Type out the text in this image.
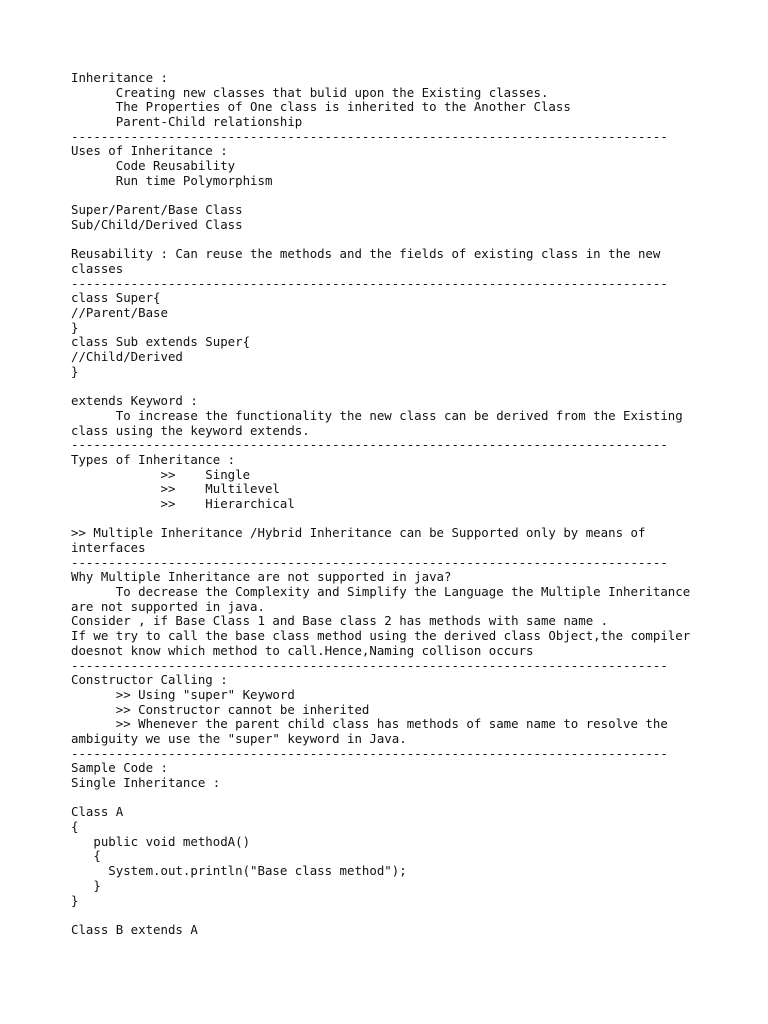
Inheritance :
Creating new classes that bulid upon the Existing classes.
The Properties of One class is inherited to the Another Class
Parent-Child relationship
--------------------------------------------------------------------------------
Uses of Inheritance :
Code Reusability
Run time Polymorphism
Super/Parent/Base Class
Sub/Child/Derived Class
Reusability : Can reuse the methods and the fields of existing class in the new
classes
--------------------------------------------------------------------------------
class Super{
//Parent/Base
}
class Sub extends Super{
//Child/Derived
}
extends Keyword :
To increase the functionality the new class can be derived from the Existing
class using the keyword extends.
--------------------------------------------------------------------------------
Types of Inheritance :
>>    Single
>>    Multilevel
>>    Hierarchical
>> Multiple Inheritance /Hybrid Inheritance can be Supported only by means of
interfaces
--------------------------------------------------------------------------------
Why Multiple Inheritance are not supported in java?
To decrease the Complexity and Simplify the Language the Multiple Inheritance
are not supported in java.
Consider , if Base Class 1 and Base class 2 has methods with same name .
If we try to call the base class method using the derived class Object,the compiler
doesnot know which method to call.Hence,Naming collison occurs
--------------------------------------------------------------------------------
Constructor Calling :
>> Using "super" Keyword
>> Constructor cannot be inherited
>> Whenever the parent child class has methods of same name to resolve the
ambiguity we use the "super" keyword in Java.
--------------------------------------------------------------------------------
Sample Code :
Single Inheritance :
Class A
{
public void methodA()
{
System.out.println("Base class method");
}
}
Class B extends A
